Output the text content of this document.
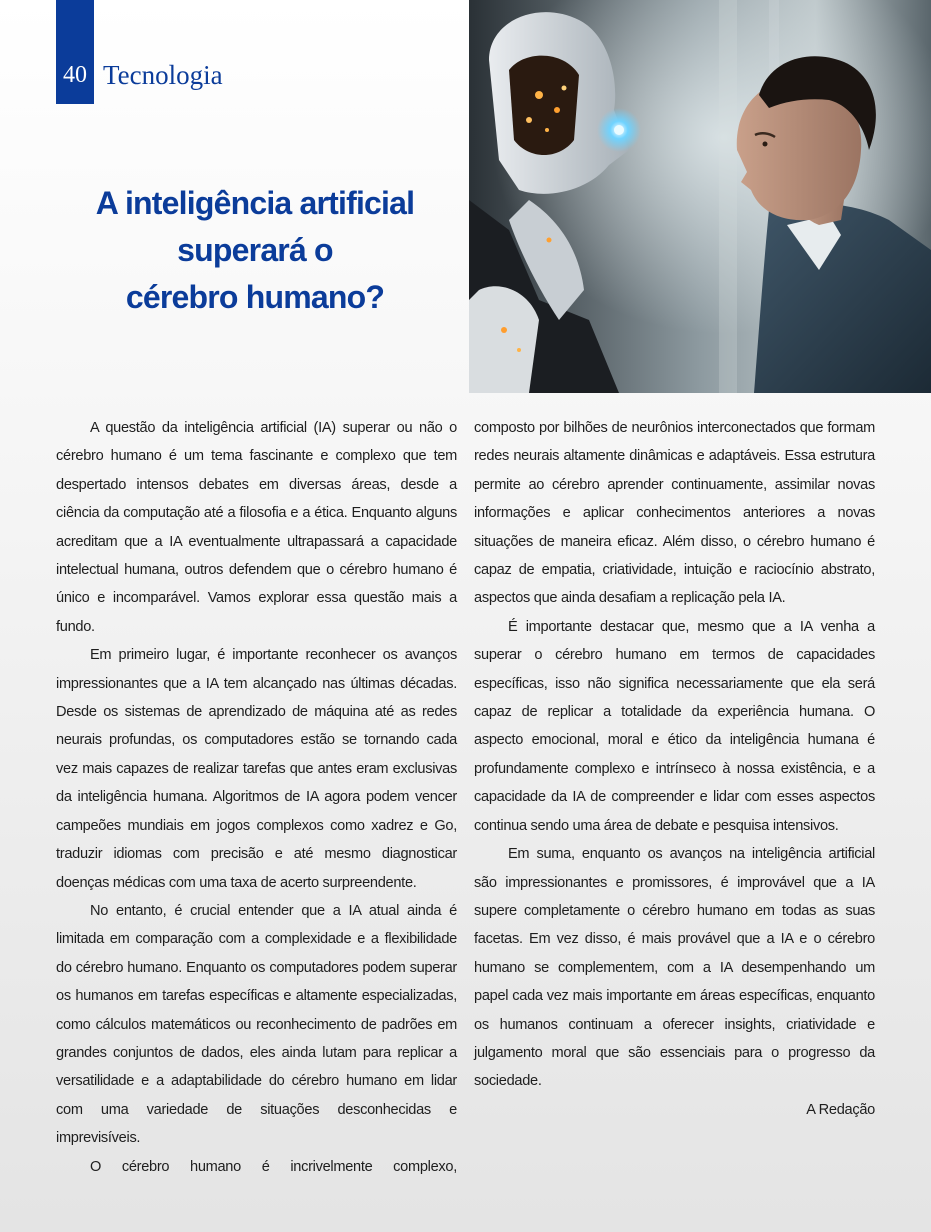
40 Tecnologia
A inteligência artificial
superará o
cérebro humano?

A questão da inteligência artificial (IA) superar ou não o cérebro humano é um tema fascinante e complexo que tem despertado intensos debates em diversas áreas, desde a ciência da computação até a filosofia e a ética. Enquanto alguns acreditam que a IA eventualmente ultrapassará a capacidade intelectual humana, outros defendem que o cérebro humano é único e incomparável. Vamos explorar essa questão mais a fundo.

Em primeiro lugar, é importante reconhecer os avanços impressionantes que a IA tem alcançado nas últimas décadas. Desde os sistemas de aprendizado de máquina até as redes neurais profundas, os computadores estão se tornando cada vez mais capazes de realizar tarefas que antes eram exclusivas da inteligência humana. Algoritmos de IA agora podem vencer campeões mundiais em jogos complexos como xadrez e Go, traduzir idiomas com precisão e até mesmo diagnosticar doenças médicas com uma taxa de acerto surpreendente.

No entanto, é crucial entender que a IA atual ainda é limitada em comparação com a complexidade e a flexibilidade do cérebro humano. Enquanto os computadores podem superar os humanos em tarefas específicas e altamente especializadas, como cálculos matemáticos ou reconhecimento de padrões em grandes conjuntos de dados, eles ainda lutam para replicar a versatilidade e a adaptabilidade do cérebro humano em lidar com uma variedade de situações desconhecidas e imprevisíveis.

O cérebro humano é incrivelmente complexo,

composto por bilhões de neurônios interconectados que formam redes neurais altamente dinâmicas e adaptáveis. Essa estrutura permite ao cérebro aprender continuamente, assimilar novas informações e aplicar conhecimentos anteriores a novas situações de maneira eficaz. Além disso, o cérebro humano é capaz de empatia, criatividade, intuição e raciocínio abstrato, aspectos que ainda desafiam a replicação pela IA.

É importante destacar que, mesmo que a IA venha a superar o cérebro humano em termos de capacidades específicas, isso não significa necessariamente que ela será capaz de replicar a totalidade da experiência humana. O aspecto emocional, moral e ético da inteligência humana é profundamente complexo e intrínseco à nossa existência, e a capacidade da IA de compreender e lidar com esses aspectos continua sendo uma área de debate e pesquisa intensivos.

Em suma, enquanto os avanços na inteligência artificial são impressionantes e promissores, é improvável que a IA supere completamente o cérebro humano em todas as suas facetas. Em vez disso, é mais provável que a IA e o cérebro humano se complementem, com a IA desempenhando um papel cada vez mais importante em áreas específicas, enquanto os humanos continuam a oferecer insights, criatividade e julgamento moral que são essenciais para o progresso da sociedade.

A Redação
